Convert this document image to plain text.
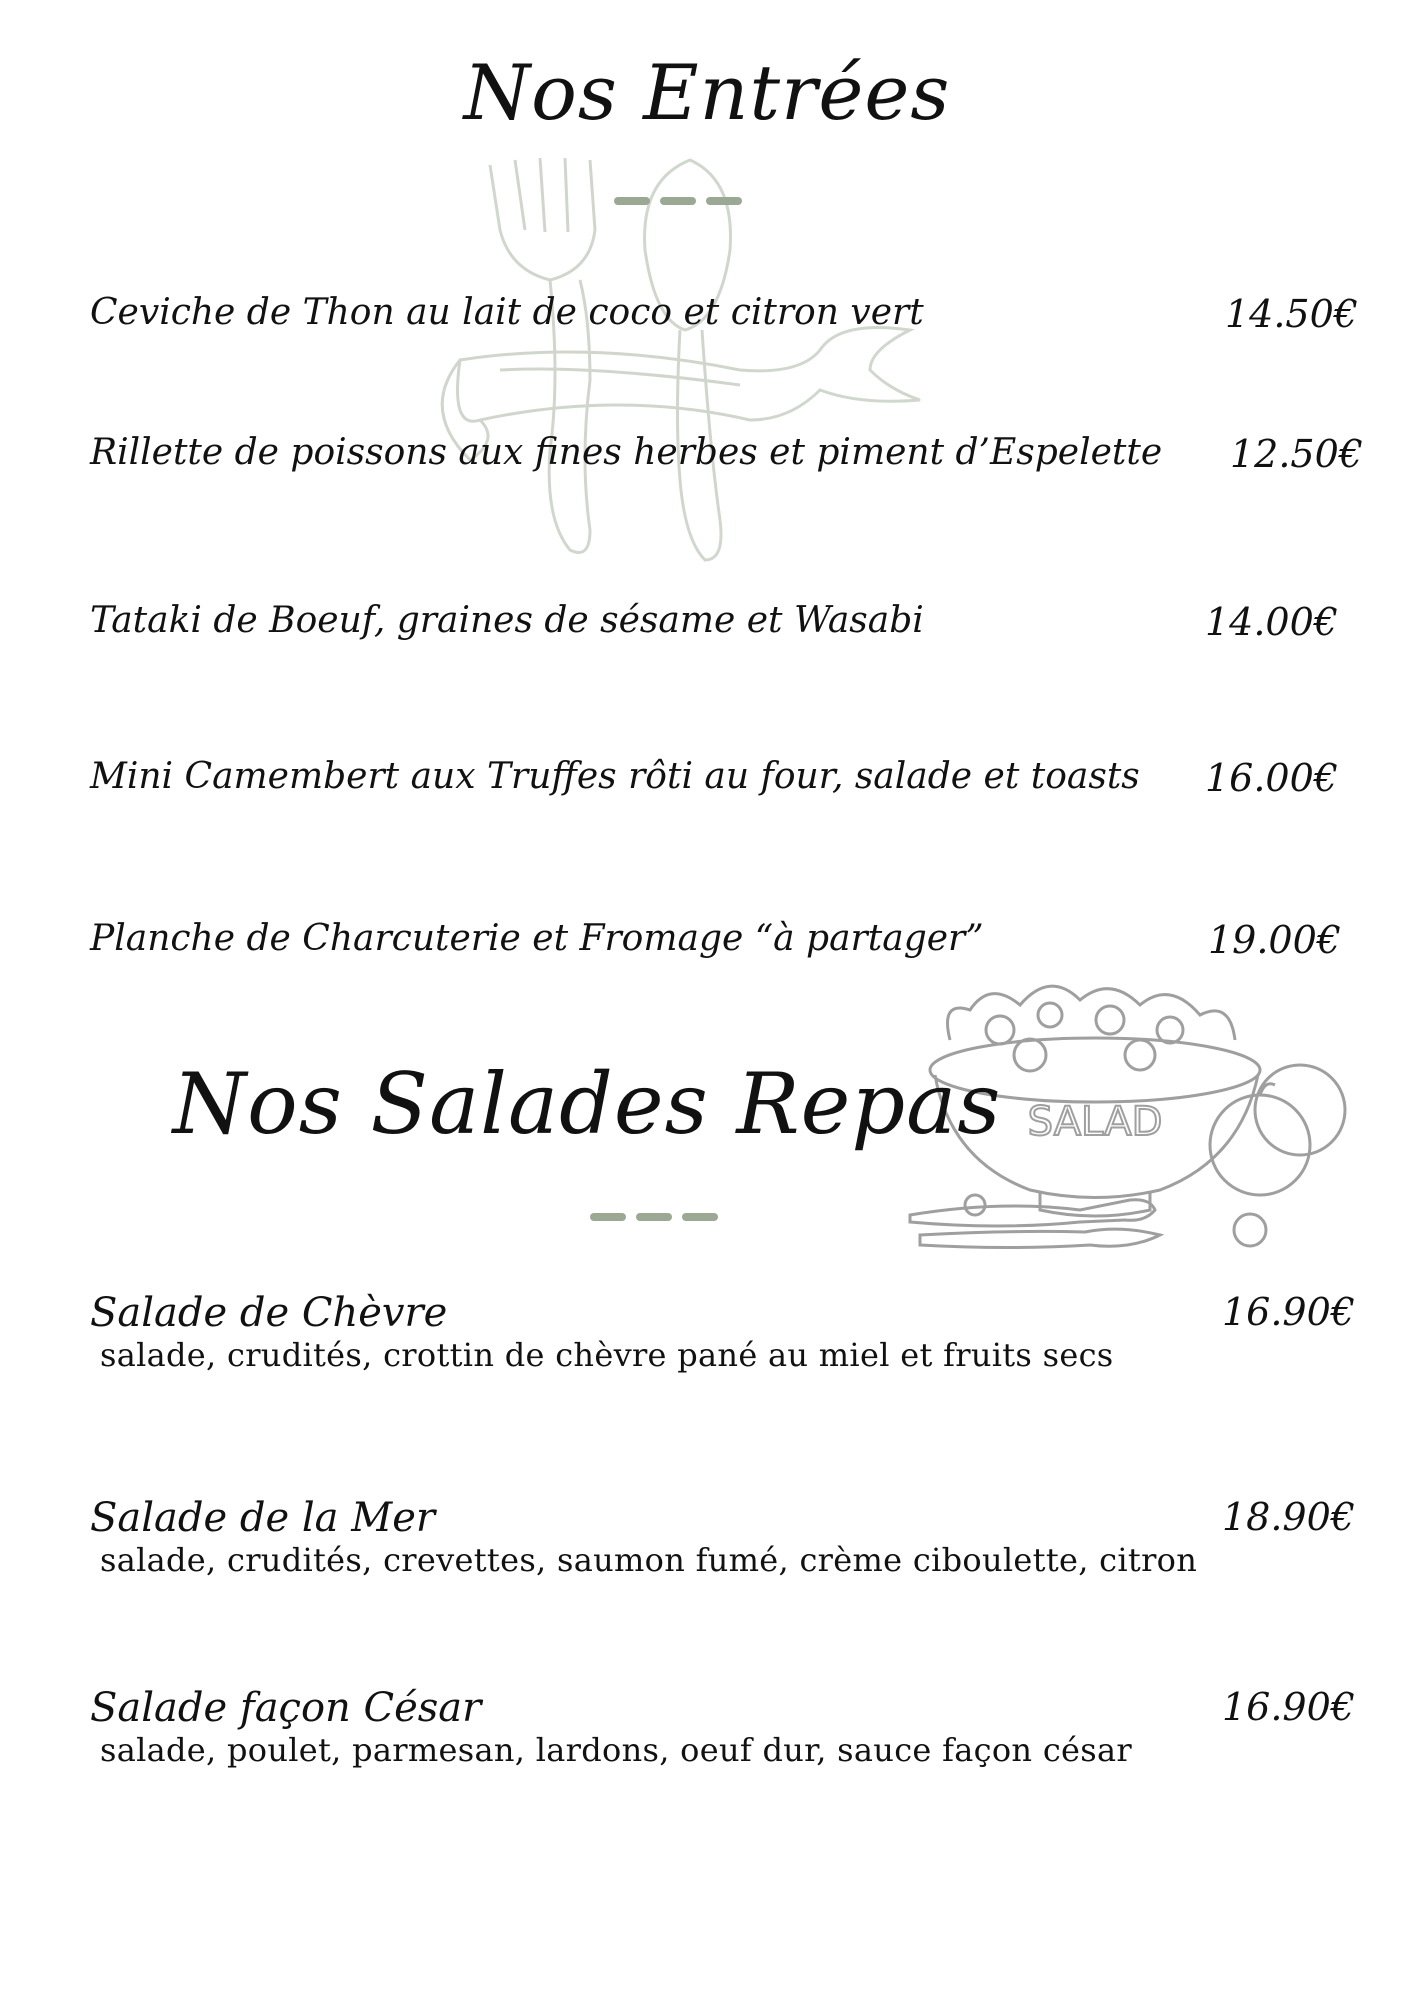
SALAD
Nos Entrées
Ceviche de Thon au lait de coco et citron vert	14.50€
Rillette de poissons aux fines herbes et piment d’Espelette 12.50€
Tataki de Boeuf, graines de sésame et Wasabi	14.00€
Mini Camembert aux Truffes rôti au four, salade et toasts 16.00€
Planche de Charcuterie et Fromage “à partager”	19.00€
Nos Salades Repas
Salade de Chèvre	16.90€
salade, crudités, crottin de chèvre pané au miel et fruits secs
Salade de la Mer	18.90€
salade, crudités, crevettes, saumon fumé, crème ciboulette, citron
Salade façon César	16.90€
salade, poulet, parmesan, lardons, oeuf dur, sauce façon césar
